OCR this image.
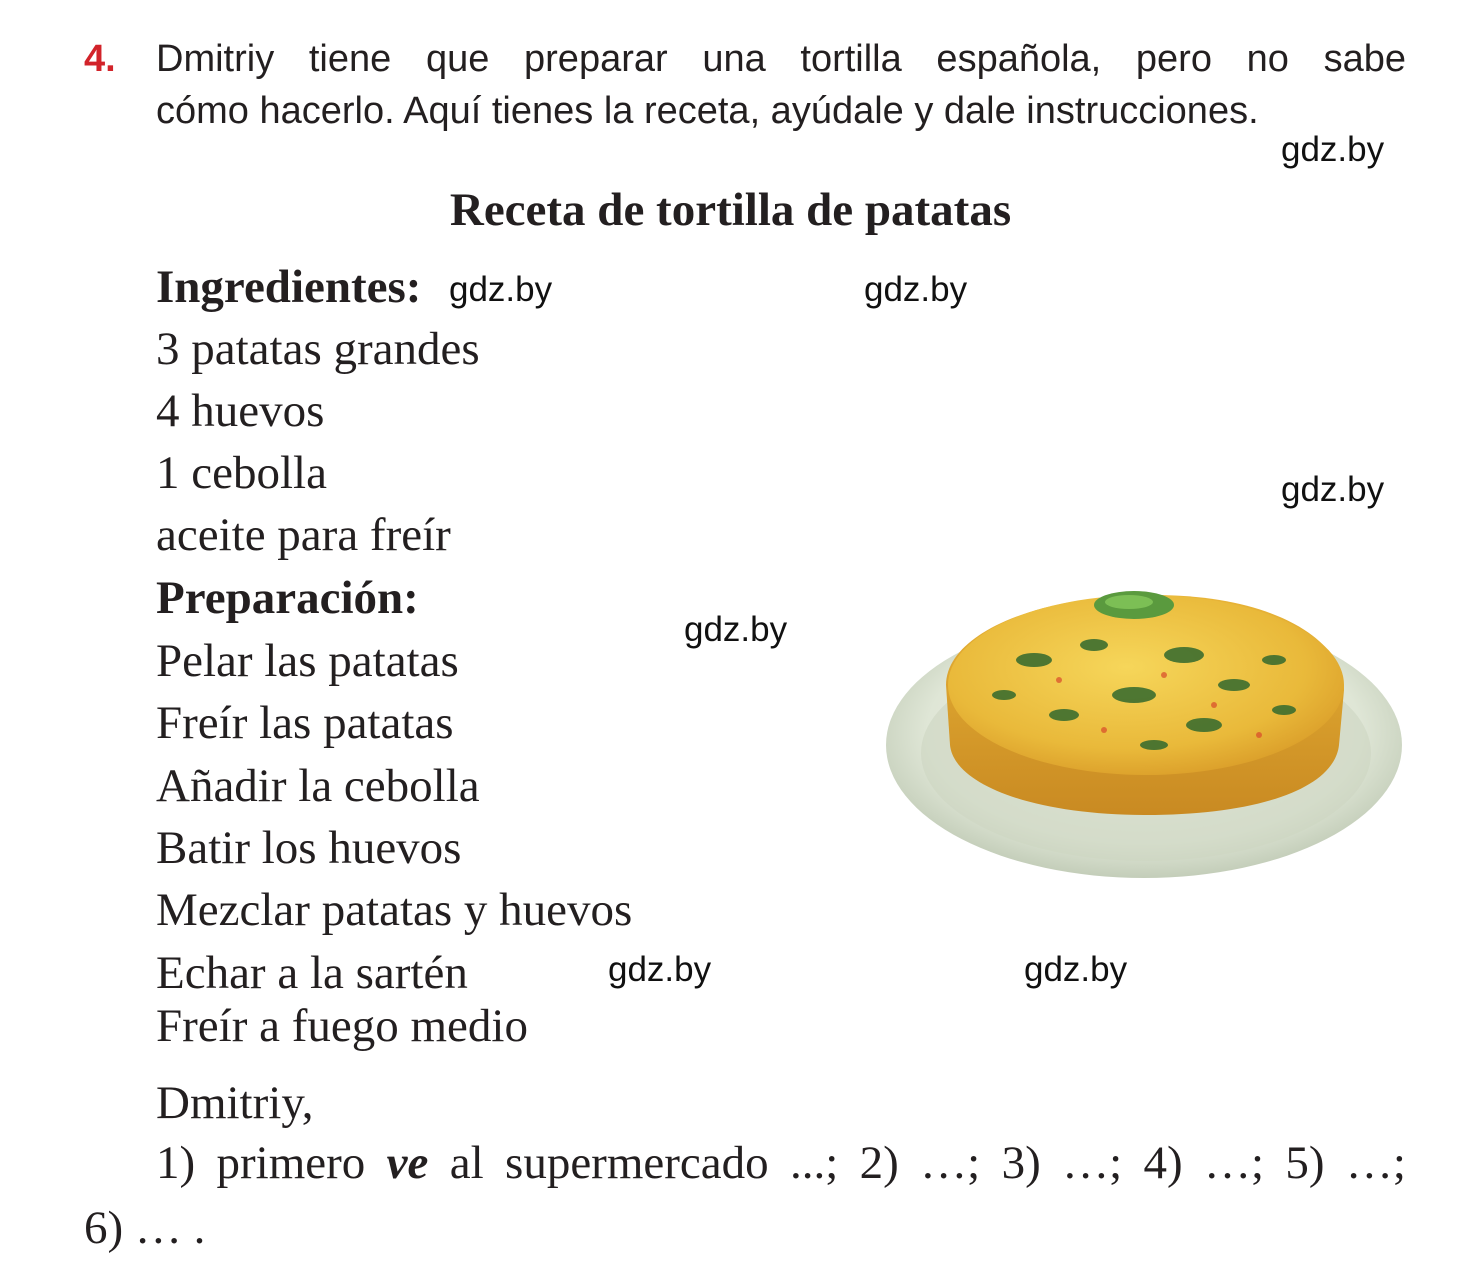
4. Dmitriy tiene que preparar una tortilla española, pero no sabe
cómo hacerlo. Aquí tienes la receta, ayúdale y dale instrucciones.
gdz.by
gdz.by	gdz.by
gdz.by
gdz.by
gdz.by	gdz.by
Receta de tortilla de patatas
Ingredientes:
3 patatas grandes
4 huevos
1 cebolla
aceite para freír
Preparación:
Pelar las patatas
Freír las patatas
Añadir la cebolla
Batir los huevos
Mezclar patatas y huevos
Echar a la sartén
Freír a fuego medio
Dmitriy,
1) primero ve al supermercado ...; 2) …; 3) …; 4) …; 5) …;
6) … .
